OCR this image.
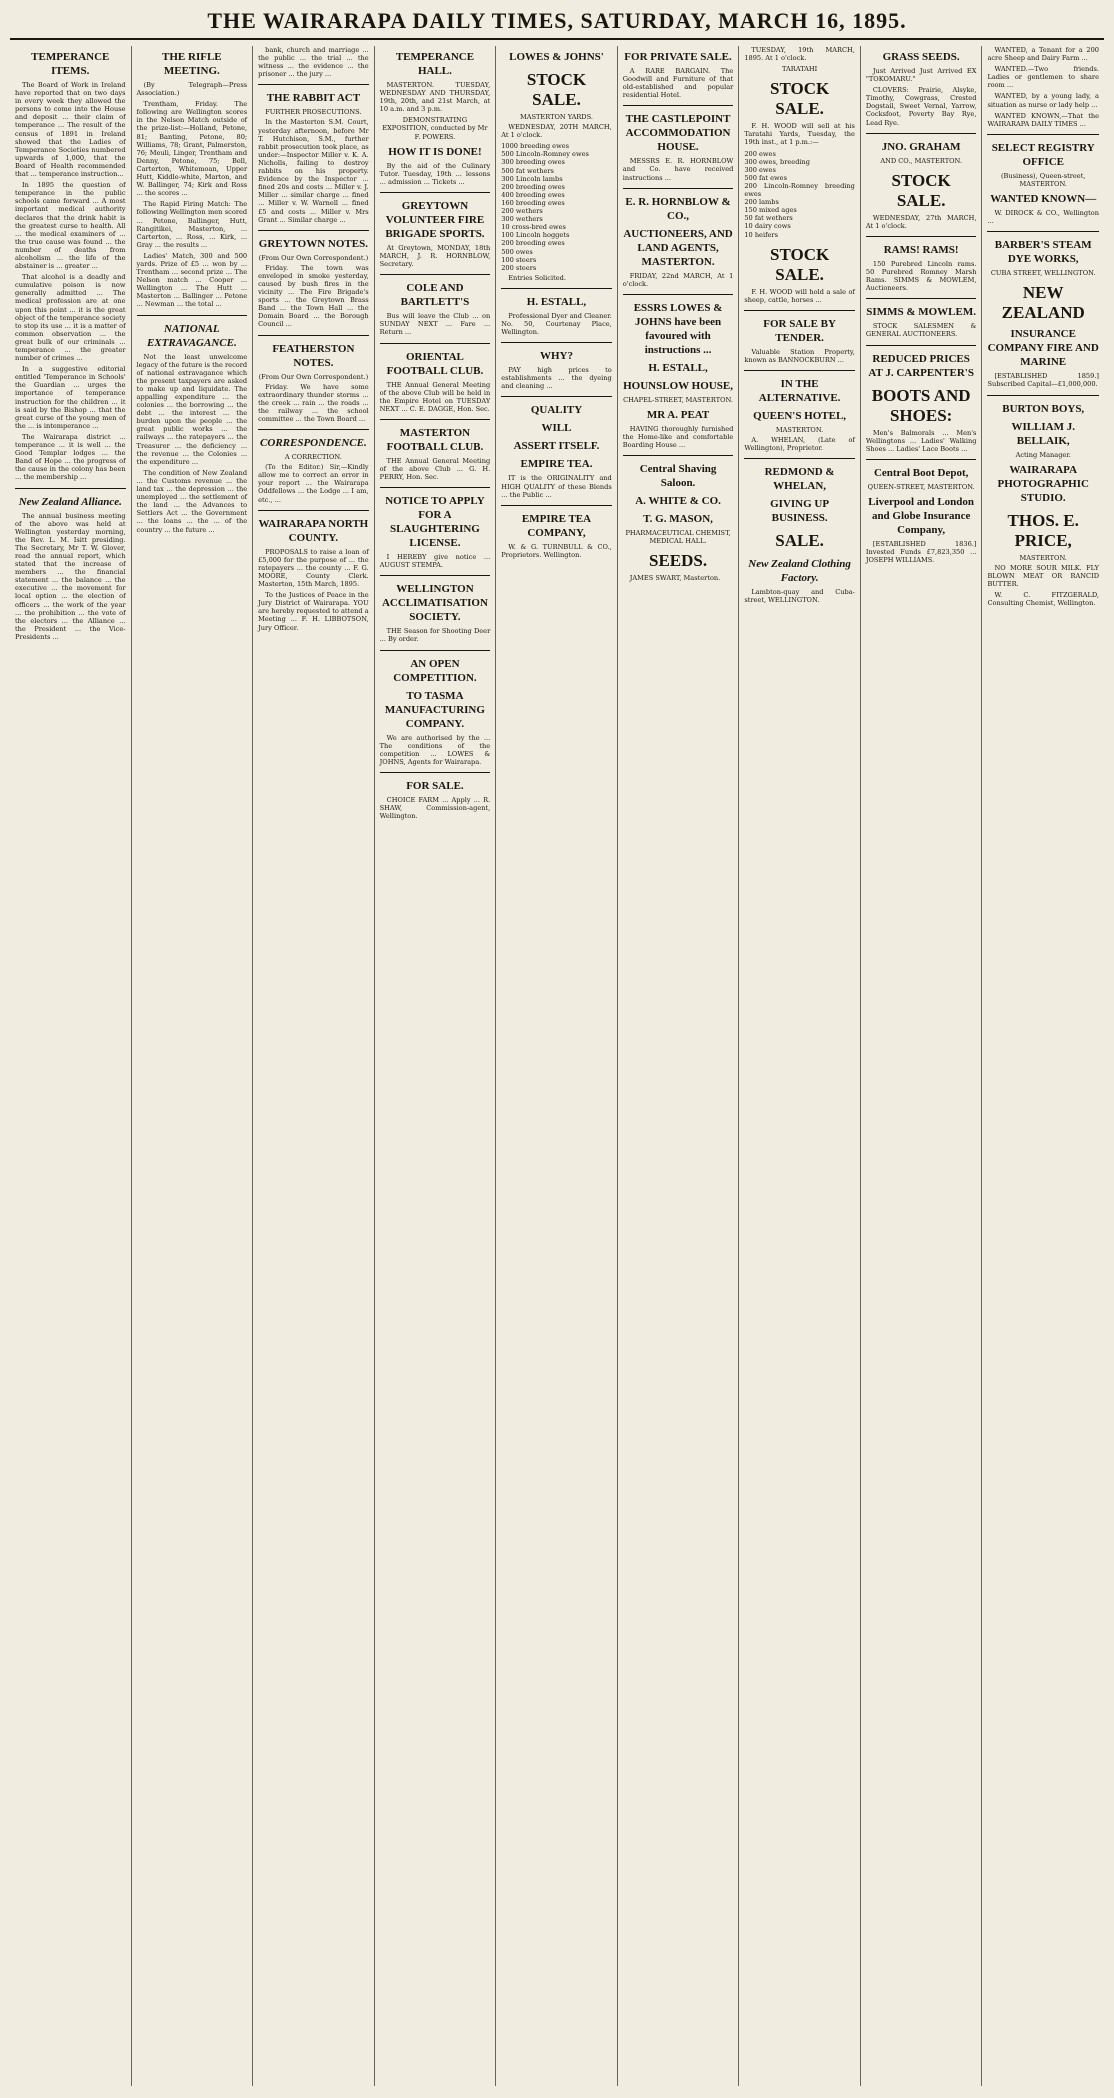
THE WAIRARAPA DAILY TIMES, SATURDAY, MARCH 16, 1895.
TEMPERANCE ITEMS.

The Board of Work in Ireland have reported that on two days in every week they allowed the persons to come into the House and deposit ... their claim of temperance ... The result of the census of 1891 in Ireland showed that the Ladies of Temperance Societies numbered upwards of 1,000, that the Board of Health recommended that ... temperance instruction...

In 1895 the question of temperance in the public schools came forward ... A most important medical authority declares that the drink habit is the greatest curse to health. All ... the medical examiners of ... the true cause was found ... the number of deaths from alcoholism ... the life of the abstainer is ... greater ...

That alcohol is a deadly and cumulative poison is now generally admitted ... The medical profession are at one upon this point ... it is the great object of the temperance society to stop its use ... it is a matter of common observation ... the great bulk of our criminals ... temperance ... the greater number of crimes ...

In a suggestive editorial entitled 'Temperance in Schools' the Guardian ... urges the importance of temperance instruction for the children ... it is said by the Bishop ... that the great curse of the young men of the ... is intemperance ...

The Wairarapa district ... temperance ... it is well ... the Good Templar lodges ... the Band of Hope ... the progress of the cause in the colony has been ... the membership ...

New Zealand Alliance.

The annual business meeting of the above was held at Wellington yesterday morning, the Rev. L. M. Isitt presiding. The Secretary, Mr T. W. Glover, read the annual report, which stated that the increase of members ... the financial statement ... the balance ... the executive ... the movement for local option ... the election of officers ... the work of the year ... the prohibition ... the vote of the electors ... the Alliance ... the President ... the Vice-Presidents ...

THE RIFLE MEETING.

(By Telegraph—Press Association.)

Trentham, Friday. The following are Wellington scores in the Nelson Match outside of the prize-list:—Holland, Petone, 81; Banting, Petone, 80; Williams, 78; Grant, Palmerston, 76; Meuli, Linger, Trentham and Denny, Petone, 75; Bell, Carterton, Whitemoan, Upper Hutt, Kiddle-white, Marton, and W. Ballinger, 74; Kirk and Ross ... the scores ...

The Rapid Firing Match: The following Wellington men scored ... Petone, Ballinger, Hutt, Rangitikei, Masterton, ... Carterton, ... Ross, ... Kirk, ... Gray ... the results ...

Ladies' Match, 300 and 500 yards. Prize of £5 ... won by ... Trentham ... second prize ... The Nelson match ... Cooper ... Wellington ... The Hutt ... Masterton ... Ballinger ... Petone ... Newman ... the total ...

NATIONAL EXTRAVAGANCE.

Not the least unwelcome legacy of the future is the record of national extravagance which the present taxpayers are asked to make up and liquidate. The appalling expenditure ... the colonies ... the borrowing ... the debt ... the interest ... the burden upon the people ... the great public works ... the railways ... the ratepayers ... the Treasurer ... the deficiency ... the revenue ... the Colonies ... the expenditure ...

The condition of New Zealand ... the Customs revenue ... the land tax ... the depression ... the unemployed ... the settlement of the land ... the Advances to Settlers Act ... the Government ... the loans ... the ... of the country ... the future ...

bank, church and marriage ... the public ... the trial ... the witness ... the evidence ... the prisoner ... the jury ...

THE RABBIT ACT
FURTHER PROSECUTIONS.

In the Masterton S.M. Court, yesterday afternoon, before Mr T. Hutchison, S.M., further rabbit prosecution took place, as under:—Inspector Miller v. K. A. Nicholls, failing to destroy rabbits on his property. Evidence by the Inspector ... fined 20s and costs ... Miller v. J. Miller ... similar charge ... fined ... Miller v. W. Warnell ... fined £5 and costs ... Miller v. Mrs Grant ... Similar charge ...

GREYTOWN NOTES.
(From Our Own Correspondent.)

Friday. The town was enveloped in smoke yesterday, caused by bush fires in the vicinity ... The Fire Brigade's sports ... the Greytown Brass Band ... the Town Hall ... the Domain Board ... the Borough Council ...

FEATHERSTON NOTES.
(From Our Own Correspondent.)

Friday. We have some extraordinary thunder storms ... the creek ... rain ... the roads ... the railway ... the school committee ... the Town Board ...

CORRESPONDENCE.
A CORRECTION.

(To the Editor.) Sir,—Kindly allow me to correct an error in your report ... the Wairarapa Oddfellows ... the Lodge ... I am, etc., ...

WAIRARAPA NORTH COUNTY.

PROPOSALS to raise a loan of £5,000 for the purpose of ... the ratepayers ... the county ... F. G. MOORE, County Clerk. Masterton, 15th March, 1895.

To the Justices of Peace in the Jury District of Wairarapa. YOU are hereby requested to attend a Meeting ... F. H. LIBBOTSON, Jury Officer.

TEMPERANCE HALL.

MASTERTON. TUESDAY, WEDNESDAY AND THURSDAY, 19th, 20th, and 21st March, at 10 a.m. and 3 p.m.

DEMONSTRATING EXPOSITION, conducted by Mr F. POWERS.
HOW IT IS DONE!

By the aid of the Culinary Tutor. Tuesday, 19th ... lessons ... admission ... Tickets ...

GREYTOWN VOLUNTEER FIRE BRIGADE SPORTS.

At Greytown, MONDAY, 18th MARCH, J. R. HORNBLOW, Secretary.

COLE AND BARTLETT'S

Bus will leave the Club ... on SUNDAY NEXT ... Fare ... Return ...

ORIENTAL FOOTBALL CLUB.

THE Annual General Meeting of the above Club will be held in the Empire Hotel on TUESDAY NEXT ... C. E. DAGGE, Hon. Sec.

MASTERTON FOOTBALL CLUB.

THE Annual General Meeting of the above Club ... G. H. PERRY, Hon. Sec.

NOTICE TO APPLY FOR A SLAUGHTERING LICENSE.

I HEREBY give notice ... AUGUST STEMPA.

WELLINGTON ACCLIMATISATION SOCIETY.

THE Season for Shooting Deer ... By order.

AN OPEN COMPETITION.
TO TASMA MANUFACTURING COMPANY.

We are authorised by the ... The conditions of the competition ... LOWES & JOHNS, Agents for Wairarapa.

FOR SALE.

CHOICE FARM ... Apply ... R. SHAW, Commission-agent, Wellington.

LOWES & JOHNS'
STOCK SALE.
MASTERTON YARDS.

WEDNESDAY, 20TH MARCH, At 1 o'clock.

1000 breeding ewes
500 Lincoln-Romney ewes
300 breeding owes
500 fat wethers
300 Lincoln lambs
200 breeding owes
400 breeding ewes
160 breeding ewes
200 wethers
300 wethers
10 cross-bred ewes
100 Lincoln hoggets
200 breeding ewes
500 owes
100 steers
200 steers

Entries Solicited.

H. ESTALL,

Professional Dyer and Cleaner. No. 50, Courtenay Place, Wellington.

WHY?

PAY high prices to establishments ... the dyeing and cleaning ...

QUALITY
WILL
ASSERT ITSELF.
EMPIRE TEA.

IT is the ORIGINALITY and HIGH QUALITY of these Blends ... the Public ...

EMPIRE TEA COMPANY,

W. & G. TURNBULL & CO., Proprietors. Wellington.

FOR PRIVATE SALE.

A RARE BARGAIN. The Goodwill and Furniture of that old-established and popular residential Hotel.

THE CASTLEPOINT ACCOMMODATION HOUSE.

MESSRS E. R. HORNBLOW and Co. have received instructions ...

E. R. HORNBLOW & CO.,
AUCTIONEERS, AND LAND AGENTS, MASTERTON.

FRIDAY, 22nd MARCH, At 1 o'clock.

ESSRS LOWES & JOHNS have been favoured with instructions ...
H. ESTALL,
HOUNSLOW HOUSE,
CHAPEL-STREET, MASTERTON.
MR A. PEAT

HAVING thoroughly furnished the Home-like and comfortable Boarding House ...

Central Shaving Saloon.
A. WHITE & CO.
T. G. MASON,
PHARMACEUTICAL CHEMIST, MEDICAL HALL.
SEEDS.

JAMES SWART, Masterton.

TUESDAY, 19th MARCH, 1895. At 1 o'clock.

TARATAHI
STOCK SALE.

F. H. WOOD will sell at his Taratahi Yards, Tuesday, the 19th inst., at 1 p.m.:—

200 ewes
300 ewes, breeding
300 ewes
500 fat ewes
200 Lincoln-Romney breeding ewes
200 lambs
150 mixed ages
50 fat wethers
10 dairy cows
10 heifers
STOCK SALE.

F. H. WOOD will hold a sale of sheep, cattle, horses ...

FOR SALE BY TENDER.

Valuable Station Property, known as BANNOCKBURN ...

IN THE ALTERNATIVE.
QUEEN'S HOTEL,
MASTERTON.

A. WHELAN, (Late of Wellington), Proprietor.

REDMOND & WHELAN,
GIVING UP BUSINESS.
SALE.
New Zealand Clothing Factory.

Lambton-quay and Cuba-street, WELLINGTON.

GRASS SEEDS.

Just Arrived Just Arrived EX "TOKOMARU."

CLOVERS: Prairie, Alsyke, Timothy, Cowgrass, Crested Dogstail, Sweet Vernal, Yarrow, Cocksfoot, Poverty Bay Rye, Lead Rye.

JNO. GRAHAM
AND CO., MASTERTON.
STOCK SALE.

WEDNESDAY, 27th MARCH, At 1 o'clock.

RAMS! RAMS!

150 Purebred Lincoln rams. 50 Purebred Romney Marsh Rams. SIMMS & MOWLEM, Auctioneers.

SIMMS & MOWLEM.

STOCK SALESMEN & GENERAL AUCTIONEERS.

REDUCED PRICES AT J. CARPENTER'S
BOOTS AND SHOES:

Men's Balmorals ... Men's Wellingtons ... Ladies' Walking Shoes ... Ladies' Lace Boots ...

Central Boot Depot,
QUEEN-STREET, MASTERTON.
Liverpool and London and Globe Insurance Company,

[ESTABLISHED 1836.] Invested Funds £7,823,350 ... JOSEPH WILLIAMS.

WANTED, a Tenant for a 200 acre Sheep and Dairy Farm ...

WANTED.—Two friends. Ladies or gentlemen to share room ...

WANTED, by a young lady, a situation as nurse or lady help ...

WANTED KNOWN,—That the WAIRARAPA DAILY TIMES ...

SELECT REGISTRY OFFICE
(Business), Queen-street, MASTERTON.
WANTED KNOWN—

W. DIROCK & CO., Wellington ...

BARBER'S STEAM DYE WORKS,
CUBA STREET, WELLINGTON.
NEW ZEALAND
INSURANCE COMPANY FIRE AND MARINE

[ESTABLISHED 1859.] Subscribed Capital—£1,000,000.

BURTON BOYS,
WILLIAM J. BELLAIK,
Acting Manager.
WAIRARAPA PHOTOGRAPHIC STUDIO.
THOS. E. PRICE,
MASTERTON.

NO MORE SOUR MILK. FLY BLOWN MEAT OR RANCID BUTTER.

W. C. FITZGERALD, Consulting Chemist, Wellington.
